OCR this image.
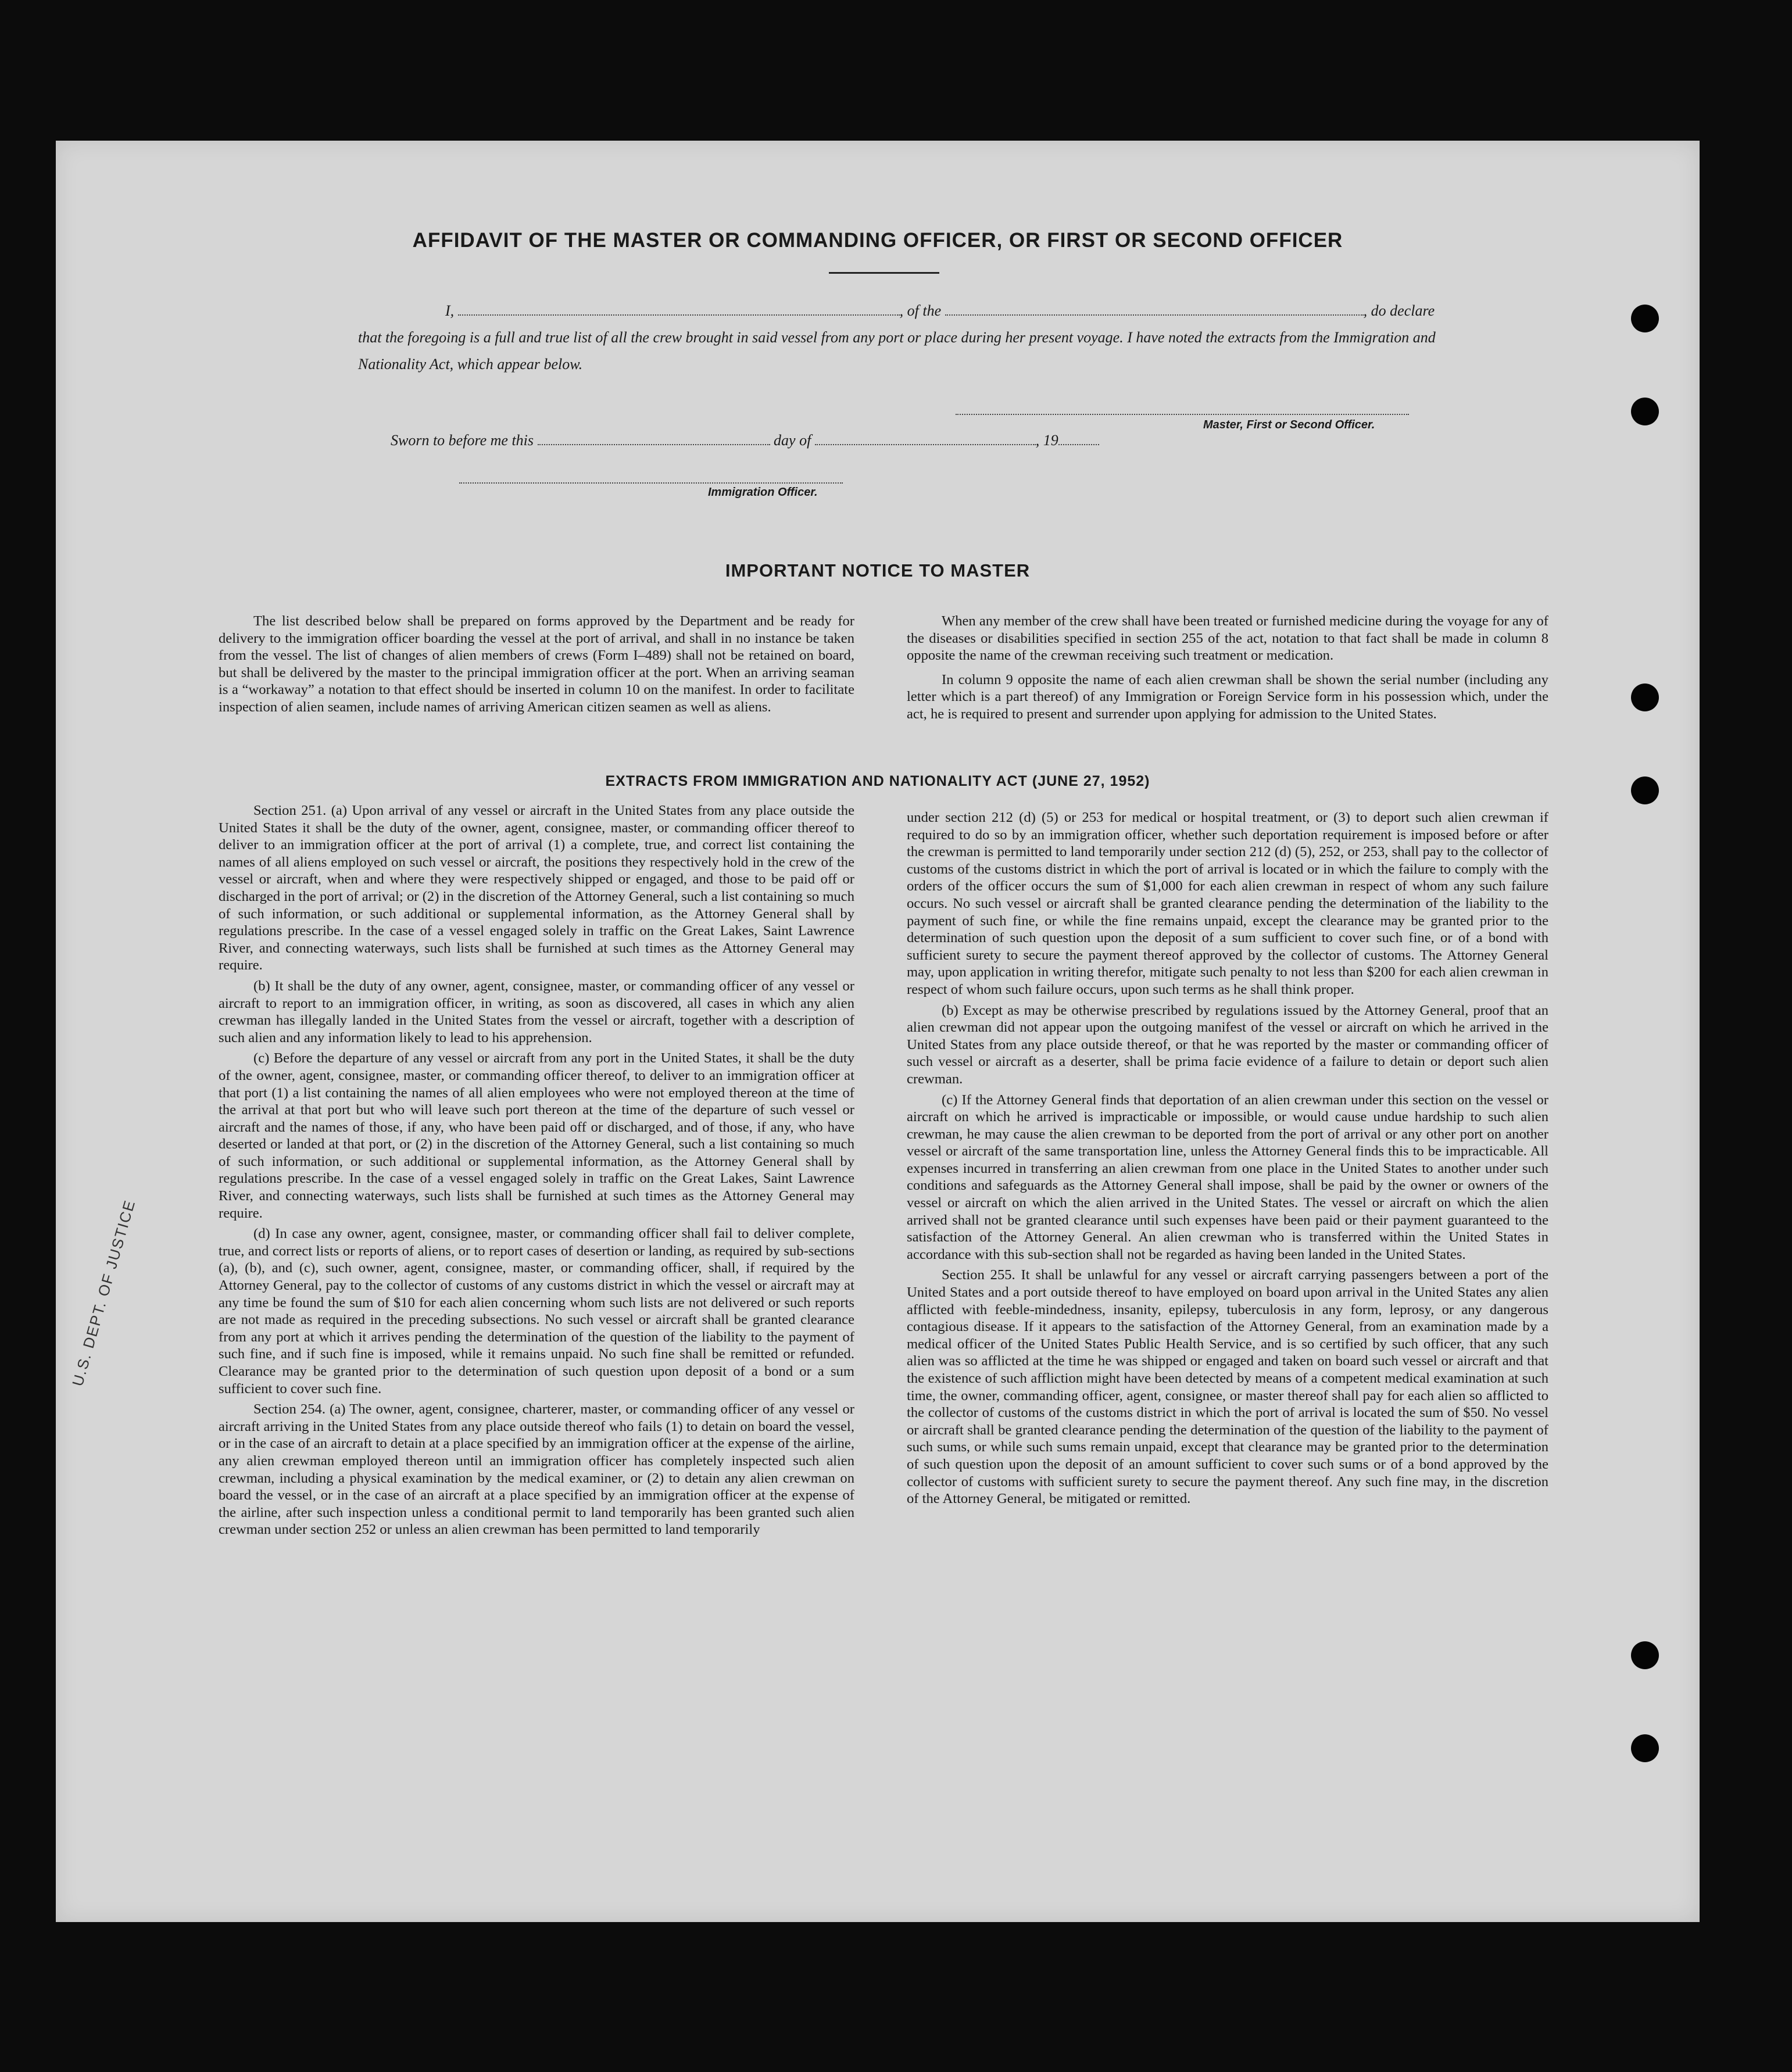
AFFIDAVIT OF THE MASTER OR COMMANDING OFFICER, OR FIRST OR SECOND OFFICER
I,	, of the	, do declare
that the foregoing is a full and true list of all the crew brought in said vessel from any port or place during her present voyage. I have noted the extracts from the Immigration and Nationality Act, which appear below.
Master, First or Second Officer.
Sworn to before me this	day of	, 19
Immigration Officer.
IMPORTANT NOTICE TO MASTER

The list described below shall be prepared on forms approved by the Department and be ready for delivery to the immigration officer boarding the vessel at the port of arrival, and shall in no instance be taken from the vessel. The list of changes of alien members of crews (Form I–489) shall not be retained on board, but shall be delivered by the master to the principal immigration officer at the port. When an arriving seaman is a “workaway” a notation to that effect should be inserted in column 10 on the manifest. In order to facilitate inspection of alien seamen, include names of arriving American citizen seamen as well as aliens.

When any member of the crew shall have been treated or furnished medicine during the voyage for any of the diseases or disabilities specified in section 255 of the act, notation to that fact shall be made in column 8 opposite the name of the crewman receiving such treatment or medication.

In column 9 opposite the name of each alien crewman shall be shown the serial number (including any letter which is a part thereof) of any Immigration or Foreign Service form in his possession which, under the act, he is required to present and surrender upon applying for admission to the United States.

EXTRACTS FROM IMMIGRATION AND NATIONALITY ACT (JUNE 27, 1952)

Section 251. (a) Upon arrival of any vessel or aircraft in the United States from any place outside the United States it shall be the duty of the owner, agent, consignee, master, or commanding officer thereof to deliver to an immigration officer at the port of arrival (1) a complete, true, and correct list containing the names of all aliens employed on such vessel or aircraft, the positions they respectively hold in the crew of the vessel or aircraft, when and where they were respectively shipped or engaged, and those to be paid off or discharged in the port of arrival; or (2) in the discretion of the Attorney General, such a list containing so much of such information, or such additional or supplemental information, as the Attorney General shall by regulations prescribe. In the case of a vessel engaged solely in traffic on the Great Lakes, Saint Lawrence River, and connecting waterways, such lists shall be furnished at such times as the Attorney General may require.

(b) It shall be the duty of any owner, agent, consignee, master, or commanding officer of any vessel or aircraft to report to an immigration officer, in writing, as soon as discovered, all cases in which any alien crewman has illegally landed in the United States from the vessel or aircraft, together with a description of such alien and any information likely to lead to his apprehension.

(c) Before the departure of any vessel or aircraft from any port in the United States, it shall be the duty of the owner, agent, consignee, master, or commanding officer thereof, to deliver to an immigration officer at that port (1) a list containing the names of all alien employees who were not employed thereon at the time of the arrival at that port but who will leave such port thereon at the time of the departure of such vessel or aircraft and the names of those, if any, who have been paid off or discharged, and of those, if any, who have deserted or landed at that port, or (2) in the discretion of the Attorney General, such a list containing so much of such information, or such additional or supplemental information, as the Attorney General shall by regulations prescribe. In the case of a vessel engaged solely in traffic on the Great Lakes, Saint Lawrence River, and connecting waterways, such lists shall be furnished at such times as the Attorney General may require.

(d) In case any owner, agent, consignee, master, or commanding officer shall fail to deliver complete, true, and correct lists or reports of aliens, or to report cases of desertion or landing, as required by sub-sections (a), (b), and (c), such owner, agent, consignee, master, or commanding officer, shall, if required by the Attorney General, pay to the collector of customs of any customs district in which the vessel or aircraft may at any time be found the sum of $10 for each alien concerning whom such lists are not delivered or such reports are not made as required in the preceding subsections. No such vessel or aircraft shall be granted clearance from any port at which it arrives pending the determination of the question of the liability to the payment of such fine, and if such fine is imposed, while it remains unpaid. No such fine shall be remitted or refunded. Clearance may be granted prior to the determination of such question upon deposit of a bond or a sum sufficient to cover such fine.

Section 254. (a) The owner, agent, consignee, charterer, master, or commanding officer of any vessel or aircraft arriving in the United States from any place outside thereof who fails (1) to detain on board the vessel, or in the case of an aircraft to detain at a place specified by an immigration officer at the expense of the airline, any alien crewman employed thereon until an immigration officer has completely inspected such alien crewman, including a physical examination by the medical examiner, or (2) to detain any alien crewman on board the vessel, or in the case of an aircraft at a place specified by an immigration officer at the expense of the airline, after such inspection unless a conditional permit to land temporarily has been granted such alien crewman under section 252 or unless an alien crewman has been permitted to land temporarily

under section 212 (d) (5) or 253 for medical or hospital treatment, or (3) to deport such alien crewman if required to do so by an immigration officer, whether such deportation requirement is imposed before or after the crewman is permitted to land temporarily under section 212 (d) (5), 252, or 253, shall pay to the collector of customs of the customs district in which the port of arrival is located or in which the failure to comply with the orders of the officer occurs the sum of $1,000 for each alien crewman in respect of whom any such failure occurs. No such vessel or aircraft shall be granted clearance pending the determination of the liability to the payment of such fine, or while the fine remains unpaid, except the clearance may be granted prior to the determination of such question upon the deposit of a sum sufficient to cover such fine, or of a bond with sufficient surety to secure the payment thereof approved by the collector of customs. The Attorney General may, upon application in writing therefor, mitigate such penalty to not less than $200 for each alien crewman in respect of whom such failure occurs, upon such terms as he shall think proper.

(b) Except as may be otherwise prescribed by regulations issued by the Attorney General, proof that an alien crewman did not appear upon the outgoing manifest of the vessel or aircraft on which he arrived in the United States from any place outside thereof, or that he was reported by the master or commanding officer of such vessel or aircraft as a deserter, shall be prima facie evidence of a failure to detain or deport such alien crewman.

(c) If the Attorney General finds that deportation of an alien crewman under this section on the vessel or aircraft on which he arrived is impracticable or impossible, or would cause undue hardship to such alien crewman, he may cause the alien crewman to be deported from the port of arrival or any other port on another vessel or aircraft of the same transportation line, unless the Attorney General finds this to be impracticable. All expenses incurred in transferring an alien crewman from one place in the United States to another under such conditions and safeguards as the Attorney General shall impose, shall be paid by the owner or owners of the vessel or aircraft on which the alien arrived in the United States. The vessel or aircraft on which the alien arrived shall not be granted clearance until such expenses have been paid or their payment guaranteed to the satisfaction of the Attorney General. An alien crewman who is transferred within the United States in accordance with this sub-section shall not be regarded as having been landed in the United States.

Section 255. It shall be unlawful for any vessel or aircraft carrying passengers between a port of the United States and a port outside thereof to have employed on board upon arrival in the United States any alien afflicted with feeble-mindedness, insanity, epilepsy, tuberculosis in any form, leprosy, or any dangerous contagious disease. If it appears to the satisfaction of the Attorney General, from an examination made by a medical officer of the United States Public Health Service, and is so certified by such officer, that any such alien was so afflicted at the time he was shipped or engaged and taken on board such vessel or aircraft and that the existence of such affliction might have been detected by means of a competent medical examination at such time, the owner, commanding officer, agent, consignee, or master thereof shall pay for each alien so afflicted to the collector of customs of the customs district in which the port of arrival is located the sum of $50. No vessel or aircraft shall be granted clearance pending the determination of the question of the liability to the payment of such sums, or while such sums remain unpaid, except that clearance may be granted prior to the determination of such question upon the deposit of an amount sufficient to cover such sums or of a bond approved by the collector of customs with sufficient surety to secure the payment thereof. Any such fine may, in the discretion of the Attorney General, be mitigated or remitted.

U.S. DEPT. OF JUSTICE
